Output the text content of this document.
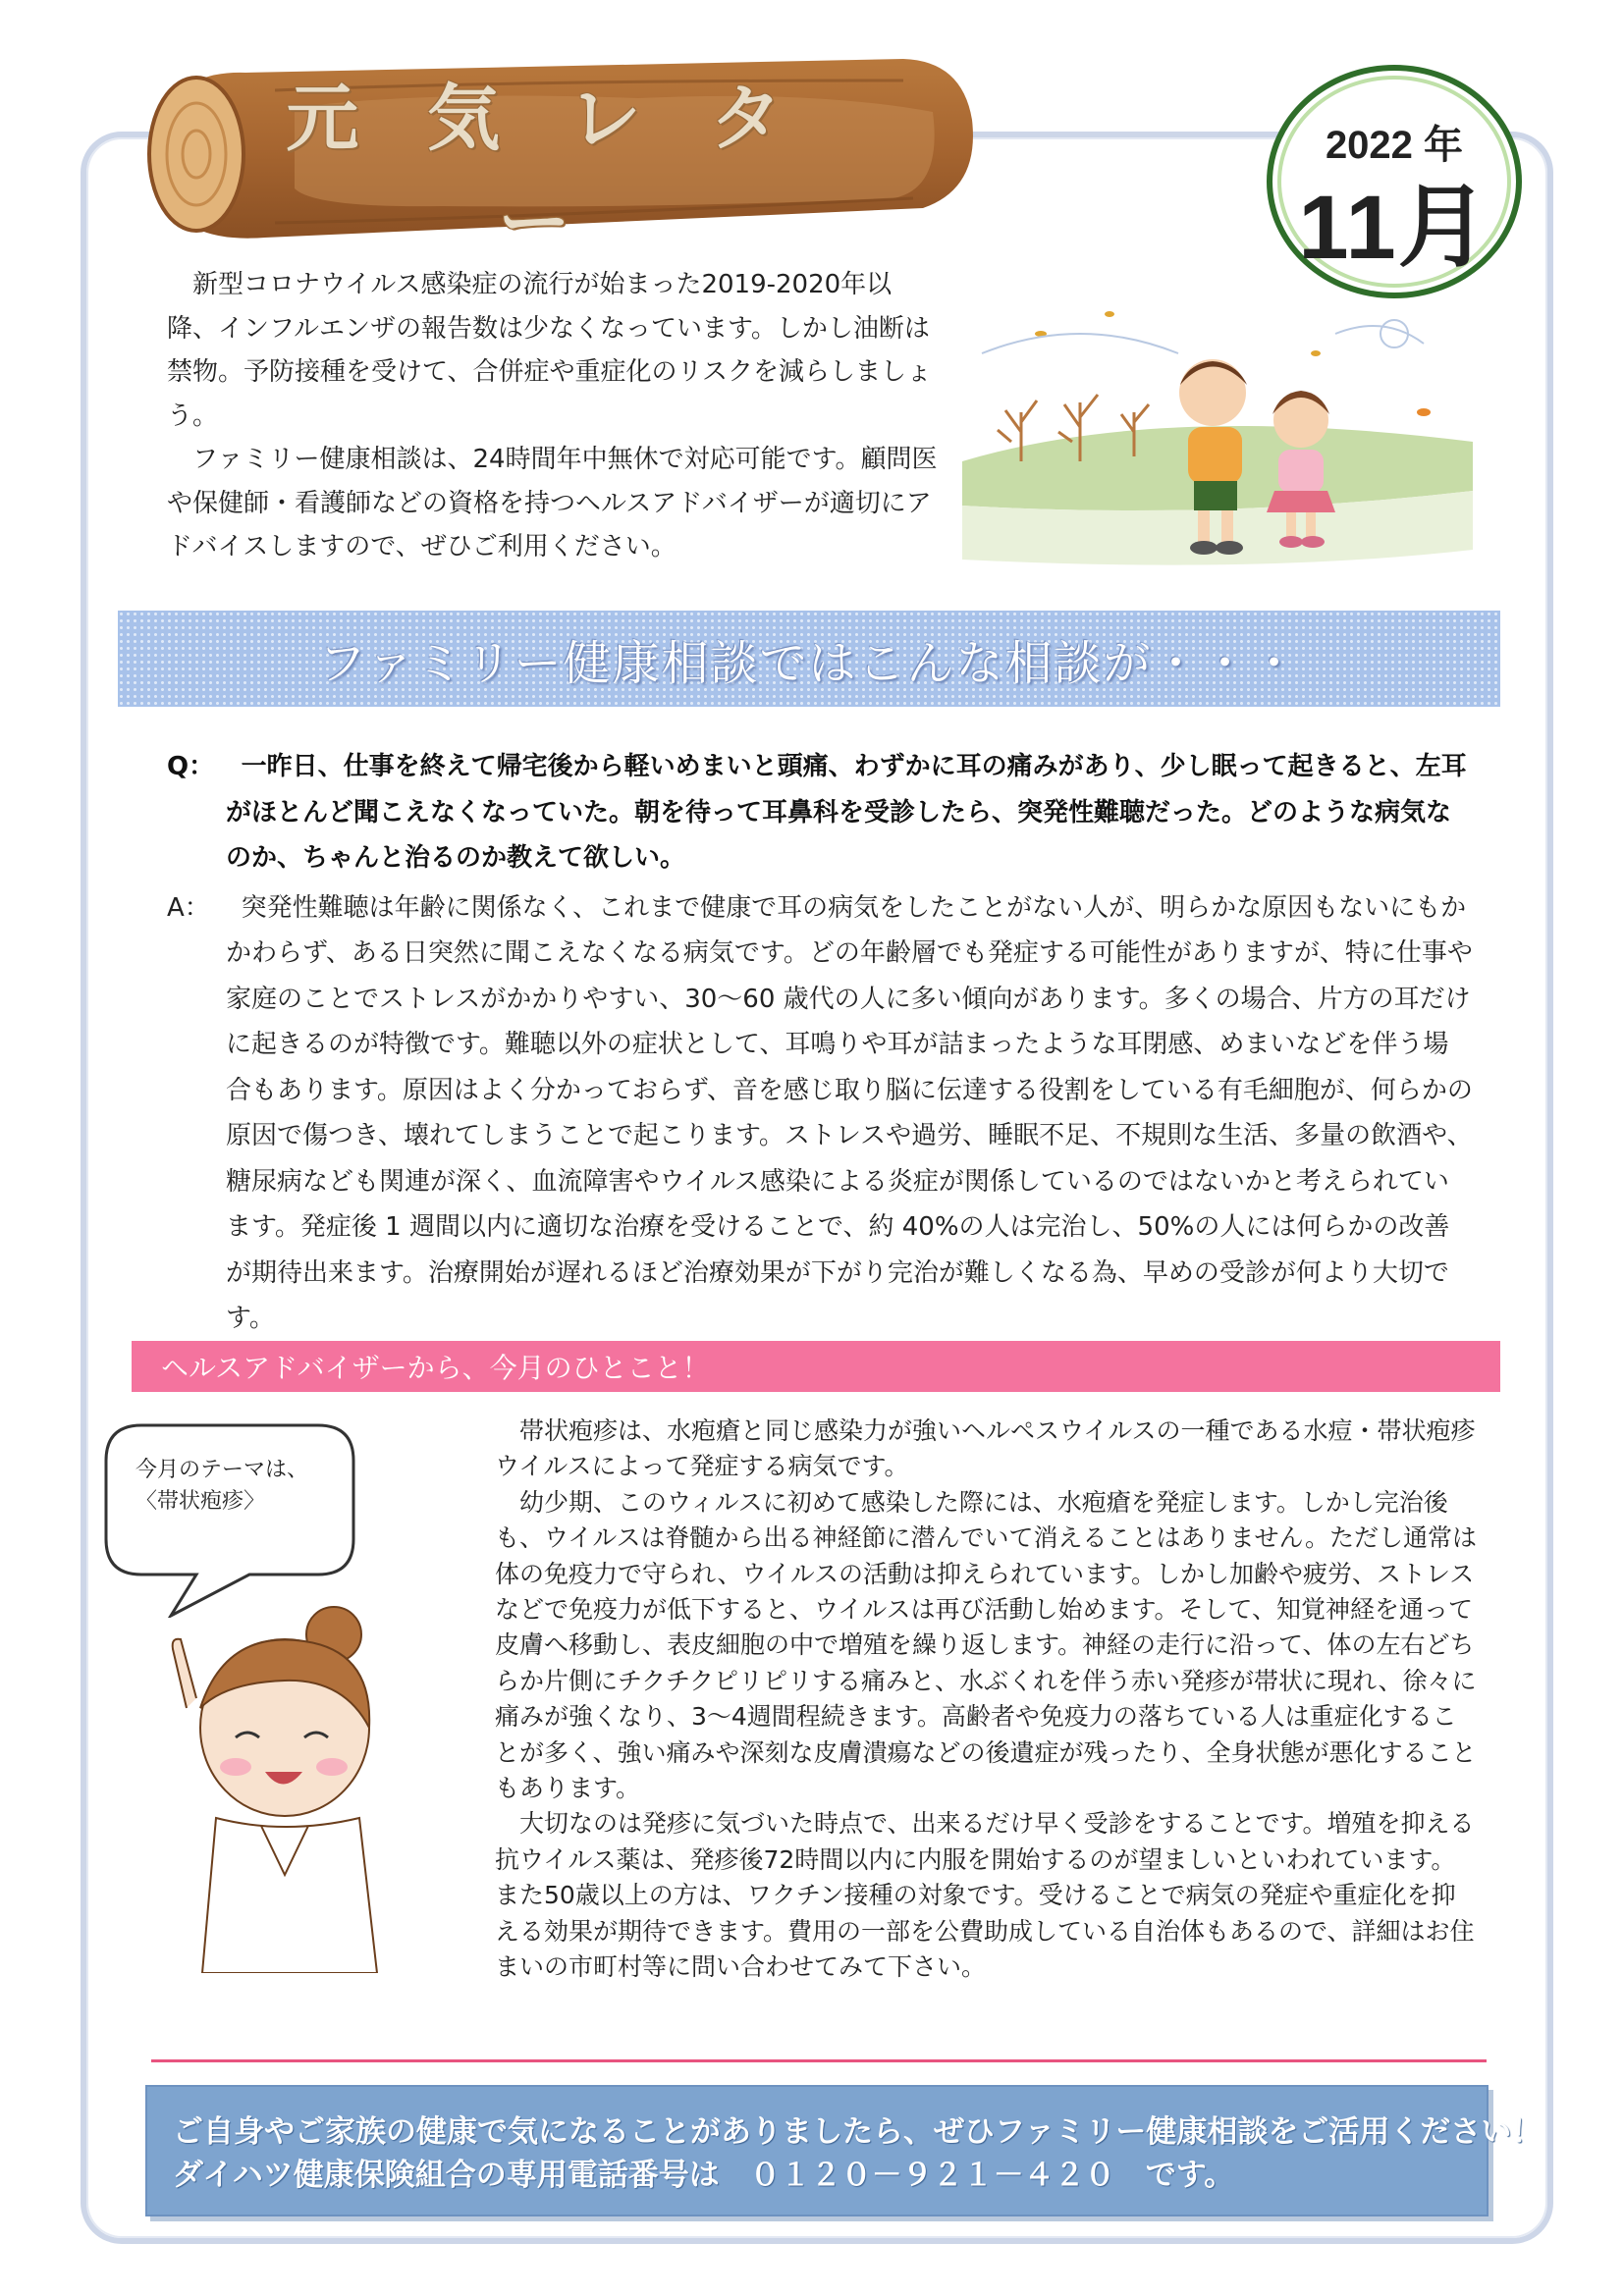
元 気 レ タ ー
2022 年
11月

新型コロナウイルス感染症の流行が始まった2019-2020年以降、インフルエンザの報告数は少なくなっています。しかし油断は禁物。予防接種を受けて、合併症や重症化のリスクを減らしましょう。

ファミリー健康相談は、24時間年中無休で対応可能です。顧問医や保健師・看護師などの資格を持つヘルスアドバイザーが適切にアドバイスしますので、ぜひご利用ください。

ファミリー健康相談ではこんな相談が・・・
Q：	一昨日、仕事を終えて帰宅後から軽いめまいと頭痛、わずかに耳の痛みがあり、少し眠って起きると、左耳がほとんど聞こえなくなっていた。朝を待って耳鼻科を受診したら、突発性難聴だった。どのような病気なのか、ちゃんと治るのか教えて欲しい。
A：	突発性難聴は年齢に関係なく、これまで健康で耳の病気をしたことがない人が、明らかな原因もないにもかかわらず、ある日突然に聞こえなくなる病気です。どの年齢層でも発症する可能性がありますが、特に仕事や家庭のことでストレスがかかりやすい、30～60 歳代の人に多い傾向があります。多くの場合、片方の耳だけに起きるのが特徴です。難聴以外の症状として、耳鳴りや耳が詰まったような耳閉感、めまいなどを伴う場合もあります。原因はよく分かっておらず、音を感じ取り脳に伝達する役割をしている有毛細胞が、何らかの原因で傷つき、壊れてしまうことで起こります。ストレスや過労、睡眠不足、不規則な生活、多量の飲酒や、糖尿病なども関連が深く、血流障害やウイルス感染による炎症が関係しているのではないかと考えられています。発症後 1 週間以内に適切な治療を受けることで、約 40%の人は完治し、50%の人には何らかの改善が期待出来ます。治療開始が遅れるほど治療効果が下がり完治が難しくなる為、早めの受診が何より大切です。
ヘルスアドバイザーから、今月のひとこと！
今月のテーマは、
〈帯状疱疹〉

帯状疱疹は、水疱瘡と同じ感染力が強いヘルペスウイルスの一種である水痘・帯状疱疹ウイルスによって発症する病気です。

幼少期、このウィルスに初めて感染した際には、水疱瘡を発症します。しかし完治後も、ウイルスは脊髄から出る神経節に潜んでいて消えることはありません。ただし通常は体の免疫力で守られ、ウイルスの活動は抑えられています。しかし加齢や疲労、ストレスなどで免疫力が低下すると、ウイルスは再び活動し始めます。そして、知覚神経を通って皮膚へ移動し、表皮細胞の中で増殖を繰り返します。神経の走行に沿って、体の左右どちらか片側にチクチクピリピリする痛みと、水ぶくれを伴う赤い発疹が帯状に現れ、徐々に痛みが強くなり、3～4週間程続きます。高齢者や免疫力の落ちている人は重症化することが多く、強い痛みや深刻な皮膚潰瘍などの後遺症が残ったり、全身状態が悪化することもあります。

大切なのは発疹に気づいた時点で、出来るだけ早く受診をすることです。増殖を抑える抗ウイルス薬は、発疹後72時間以内に内服を開始するのが望ましいといわれています。また50歳以上の方は、ワクチン接種の対象です。受けることで病気の発症や重症化を抑える効果が期待できます。費用の一部を公費助成している自治体もあるので、詳細はお住まいの市町村等に問い合わせてみて下さい。

ご自身やご家族の健康で気になることがありましたら、ぜひファミリー健康相談をご活用ください！
ダイハツ健康保険組合の専用電話番号は　０１２０－９２１－４２０　です。
